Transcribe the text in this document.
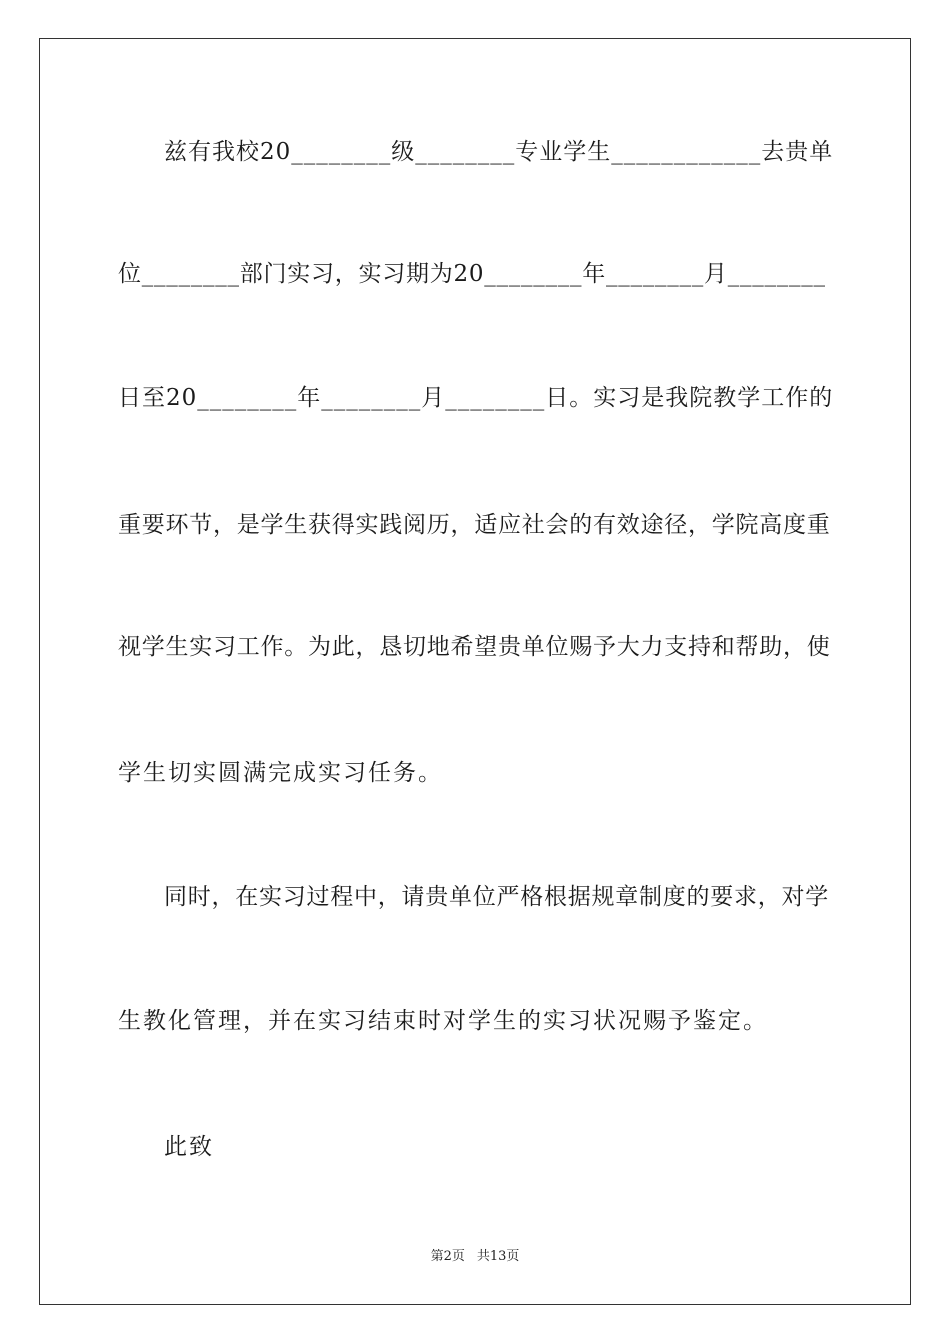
兹有我校20________级________专业学生____________去贵单
位________部门实习，实习期为20________年________月________
日至20________年________月________日。实习是我院教学工作的
重要环节，是学生获得实践阅历，适应社会的有效途径，学院高度重
视学生实习工作。为此，恳切地希望贵单位赐予大力支持和帮助，使
学生切实圆满完成实习任务。
同时，在实习过程中，请贵单位严格根据规章制度的要求，对学
生教化管理，并在实习结束时对学生的实习状况赐予鉴定。
此致
第2页 共13页
